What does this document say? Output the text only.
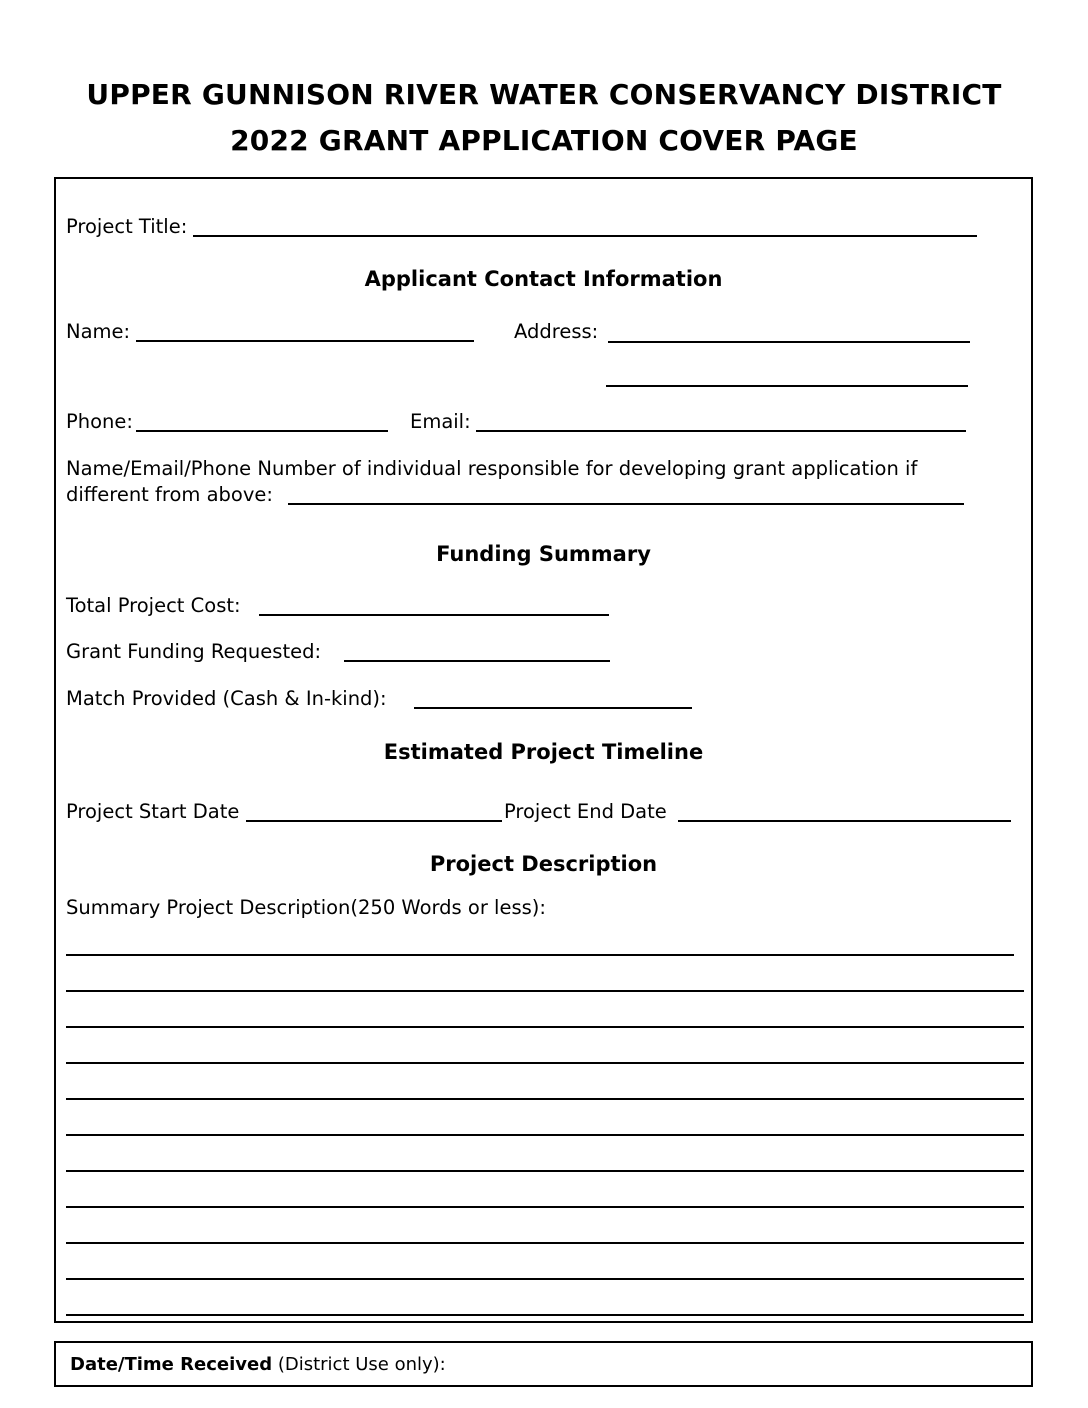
UPPER GUNNISON RIVER WATER CONSERVANCY DISTRICT
2022 GRANT APPLICATION COVER PAGE
Project Title:
Applicant Contact Information
Name:	Address:
Phone:	Email:
Name/Email/Phone Number of individual responsible for developing grant application if
different from above:
Funding Summary
Total Project Cost:
Grant Funding Requested:
Match Provided (Cash & In-kind):
Estimated Project Timeline
Project Start Date	Project End Date
Project Description
Summary Project Description(250 Words or less):
Date/Time Received (District Use only):
